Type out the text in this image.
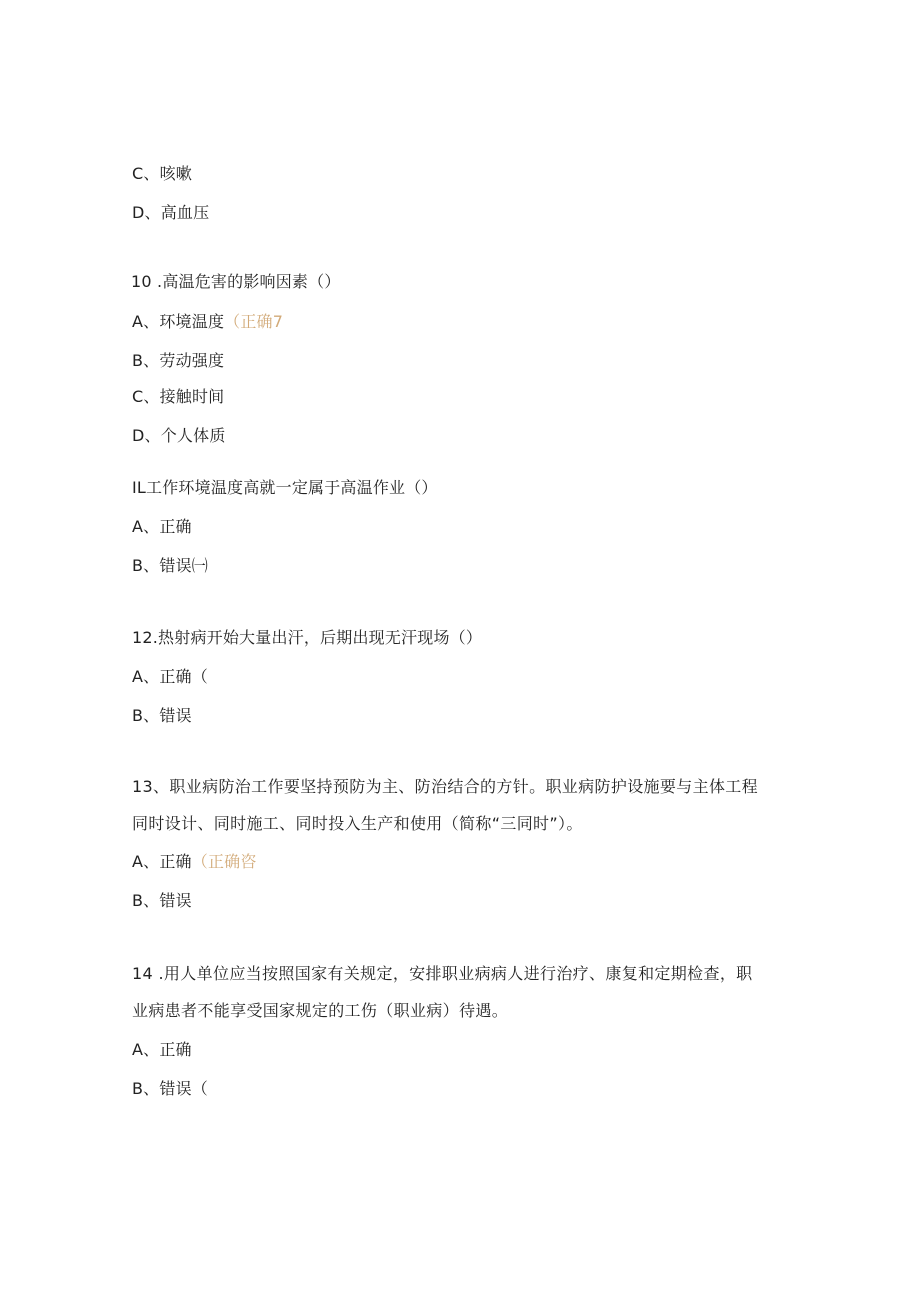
C、咳嗽
D、高血压
10 .高温危害的影响因素（）
A、环境温度（正确7
B、劳动强度
C、接触时间
D、个人体质
IL工作环境温度高就一定属于高温作业（）
A、正确
B、错误㈠
12.热射病开始大量出汗，后期出现无汗现场（）
A、正确（
B、错误
13、职业病防治工作要坚持预防为主、防治结合的方针。职业病防护设施要与主体工程
同时设计、同时施工、同时投入生产和使用（简称“三同时”）。
A、正确（正确咨
B、错误
14 .用人单位应当按照国家有关规定，安排职业病病人进行治疗、康复和定期检查，职
业病患者不能享受国家规定的工伤（职业病）待遇。
A、正确
B、错误（
